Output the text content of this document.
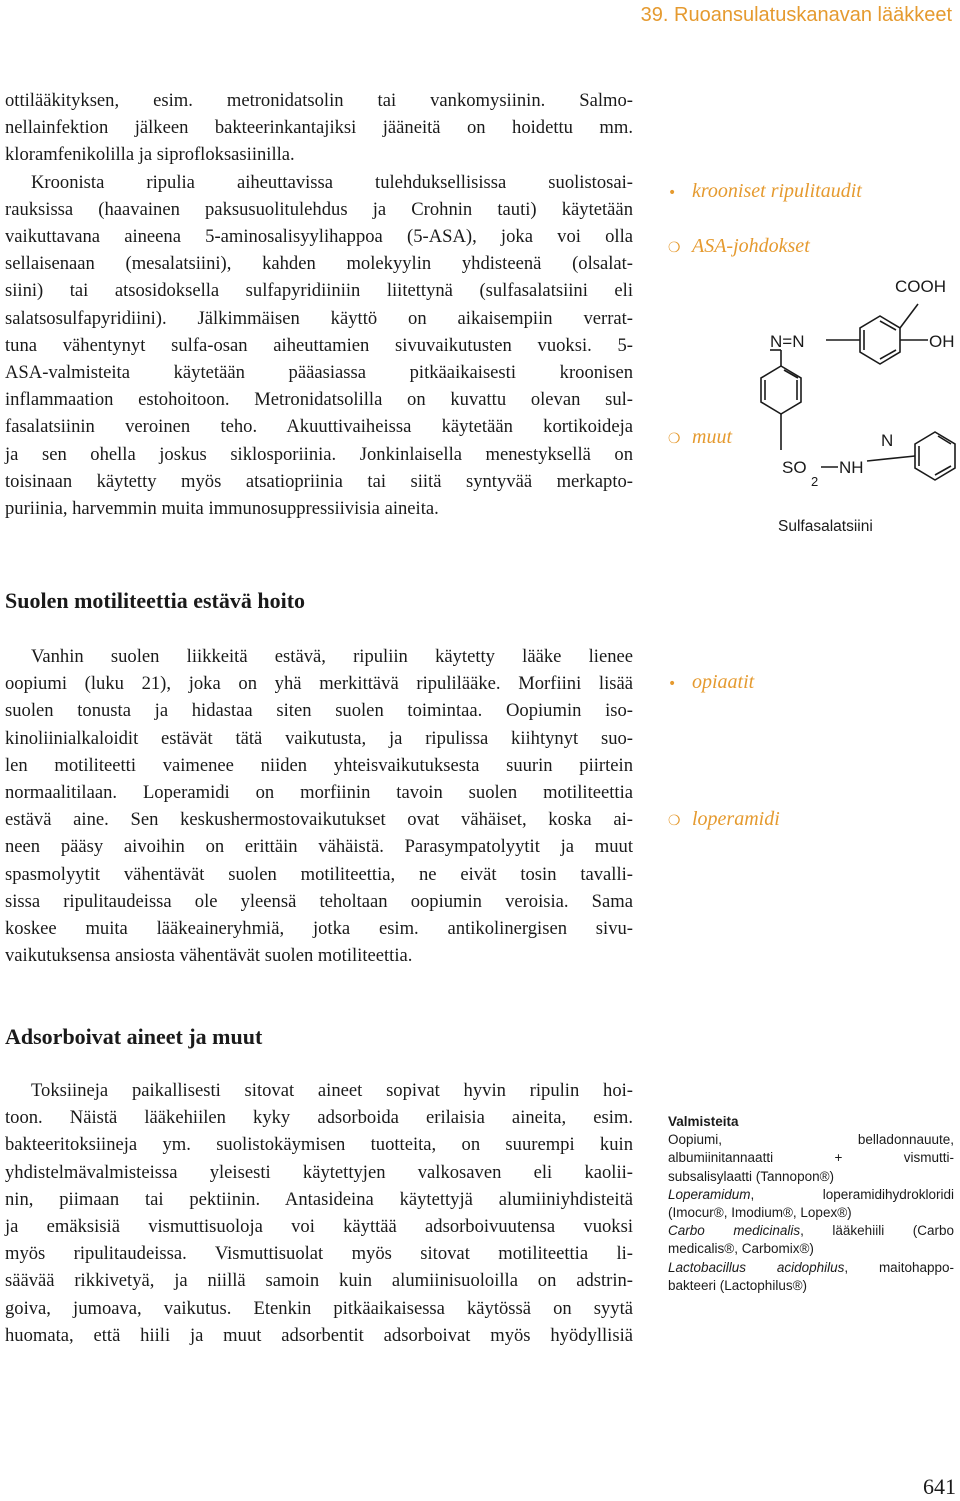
39. Ruoansulatuskanavan lääkkeet
ottilääkityksen, esim. metronidatsolin tai vankomysiinin. Salmo-
nellainfektion jälkeen bakteerinkantajiksi jääneitä on hoidettu mm.
kloramfenikolilla ja siprofloksasiinilla.
Kroonista ripulia aiheuttavissa tulehduksellisissa suolistosai-
rauksissa (haavainen paksusuolitulehdus ja Crohnin tauti) käytetään
vaikuttavana aineena 5-aminosalisyylihappoa (5-ASA), joka voi olla
sellaisenaan (mesalatsiini), kahden molekyylin yhdisteenä (olsalat-
siini) tai atsosidoksella sulfapyridiiniin liitettynä (sulfasalatsiini eli
salatsosulfapyridiini). Jälkimmäisen käyttö on aikaisempiin verrat-
tuna vähentynyt sulfa-osan aiheuttamien sivuvaikutusten vuoksi. 5-
ASA-valmisteita käytetään pääasiassa pitkäaikaisesti kroonisen
inflammaation estohoitoon. Metronidatsolilla on kuvattu olevan sul-
fasalatsiinin veroinen teho. Akuuttivaiheissa käytetään kortikoideja
ja sen ohella joskus siklosporiinia. Jonkinlaisella menestyksellä on
toisinaan käytetty myös atsatiopriinia tai siitä syntyvää merkapto-
puriinia, harvemmin muita immunosuppressiivisia aineita.
• krooniset ripulitaudit
❍ ASA-johdokset
❍ muut
COOH
OH
N=N
SO
2
NH
N
Sulfasalatsiini
Suolen motiliteettia estävä hoito
Vanhin suolen liikkeitä estävä, ripuliin käytetty lääke lienee
oopiumi (luku 21), joka on yhä merkittävä ripulilääke. Morfiini lisää
suolen tonusta ja hidastaa siten suolen toimintaa. Oopiumin iso-
kinoliinialkaloidit estävät tätä vaikutusta, ja ripulissa kiihtynyt suo-
len motiliteetti vaimenee niiden yhteisvaikutuksesta suurin piirtein
normaalitilaan. Loperamidi on morfiinin tavoin suolen motiliteettia
estävä aine. Sen keskushermostovaikutukset ovat vähäiset, koska ai-
neen pääsy aivoihin on erittäin vähäistä. Parasympatolyytit ja muut
spasmolyytit vähentävät suolen motiliteettia, ne eivät tosin tavalli-
sissa ripulitaudeissa ole yleensä teholtaan oopiumin veroisia. Sama
koskee muita lääkeaineryhmiä, jotka esim. antikolinergisen sivu-
vaikutuksensa ansiosta vähentävät suolen motiliteettia.
• opiaatit
❍ loperamidi
Adsorboivat aineet ja muut
Toksiineja paikallisesti sitovat aineet sopivat hyvin ripulin hoi-
toon. Näistä lääkehiilen kyky adsorboida erilaisia aineita, esim.
bakteeritoksiineja ym. suolistokäymisen tuotteita, on suurempi kuin
yhdistelmävalmisteissa yleisesti käytettyjen valkosaven eli kaolii-
nin, piimaan tai pektiinin. Antasideina käytettyjä alumiiniyhdisteitä
ja emäksisiä vismuttisuoloja voi käyttää adsorboivuutensa vuoksi
myös ripulitaudeissa. Vismuttisuolat myös sitovat motiliteettia li-
säävää rikkivetyä, ja niillä samoin kuin alumiinisuoloilla on adstrin-
goiva, jumoava, vaikutus. Etenkin pitkäaikaisessa käytössä on syytä
huomata, että hiili ja muut adsorbentit adsorboivat myös hyödyllisiä
Valmisteita
Oopiumi, belladonnauute,
albumiinitannaatti + vismutti-
subsalisylaatti (Tannopon®)
Loperamidum, loperamidihydrokloridi
(Imocur®, Imodium®, Lopex®)
Carbo medicinalis, lääkehiili (Carbo
medicalis®, Carbomix®)
Lactobacillus acidophilus, maitohappo-
bakteeri (Lactophilus®)
641
